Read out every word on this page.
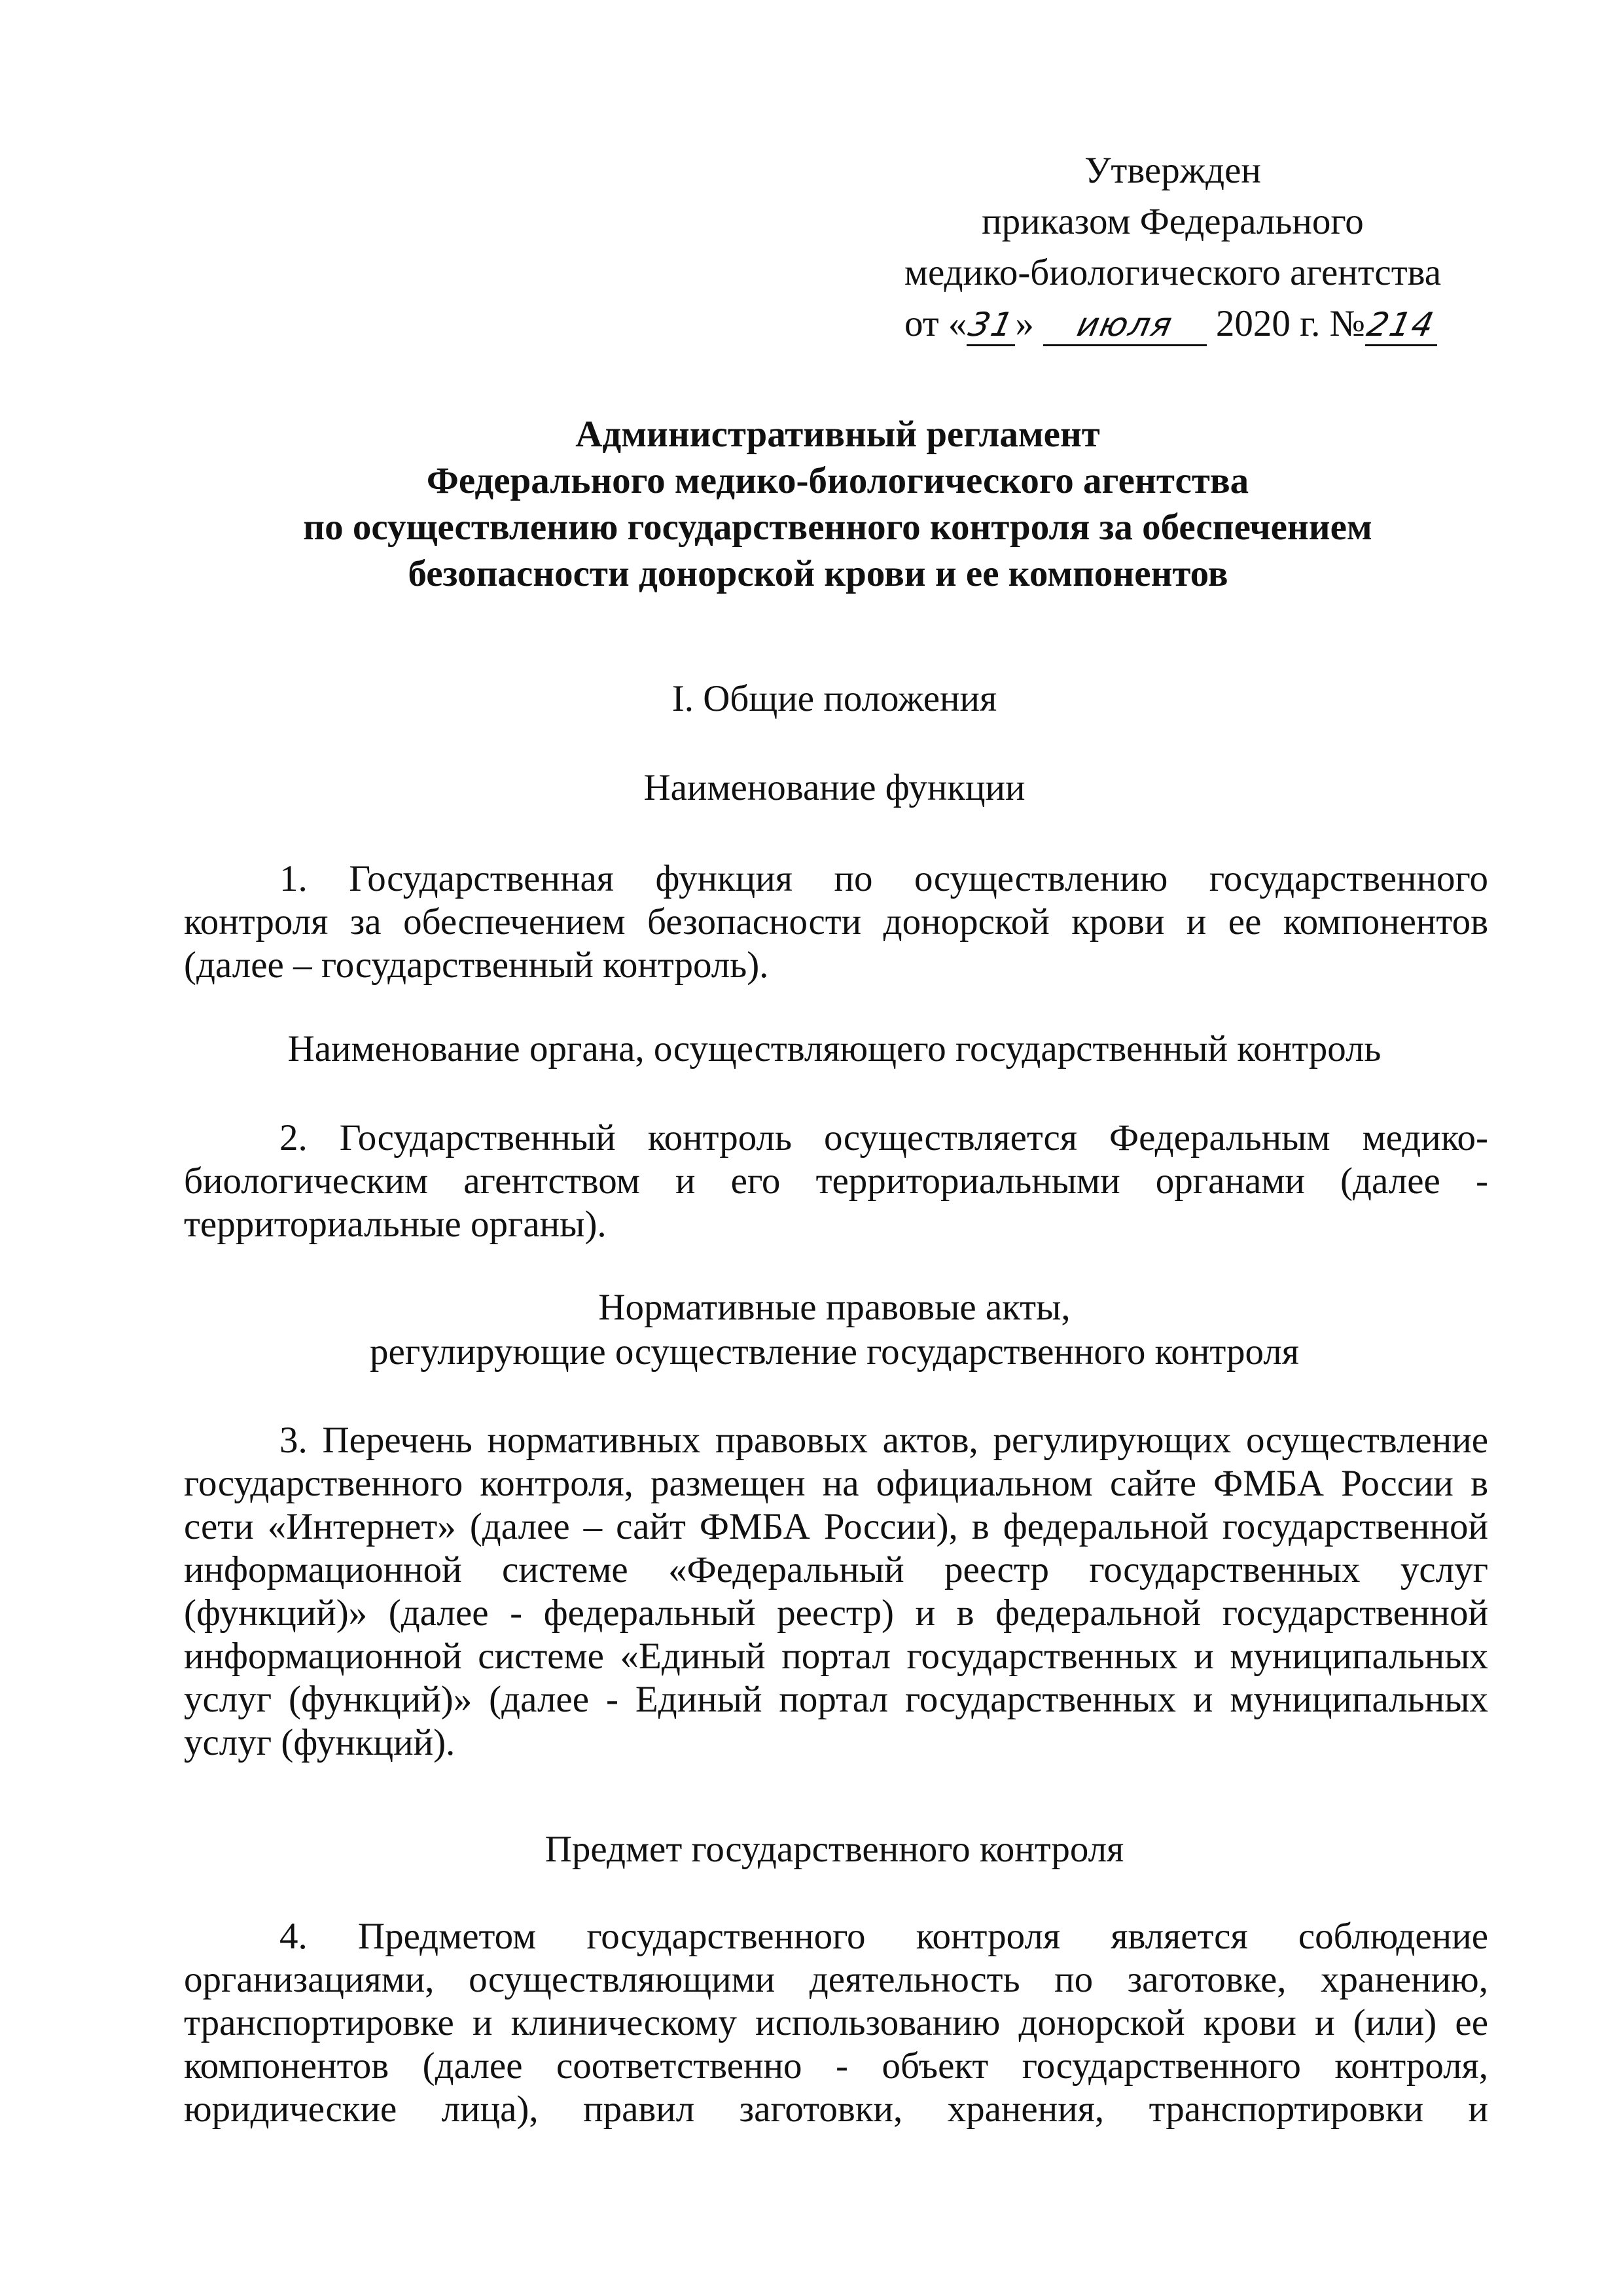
Утвержден
приказом Федерального
медико-биологического агентства
от «31» июля 2020 г. №214
Административный регламент
Федерального медико-биологического агентства
по осуществлению государственного контроля за обеспечением
безопасности донорской крови и ее компонентов
I. Общие положения
Наименование функции
1. Государственная функция по осуществлению государственного
контроля за обеспечением безопасности донорской крови и ее компонентов
(далее – государственный контроль).
Наименование органа, осуществляющего государственный контроль
2. Государственный контроль осуществляется Федеральным медико-
биологическим агентством и его территориальными органами (далее -
территориальные органы).
Нормативные правовые акты,
регулирующие осуществление государственного контроля
3. Перечень нормативных правовых актов, регулирующих осуществление
государственного контроля, размещен на официальном сайте ФМБА России в
сети «Интернет» (далее – сайт ФМБА России), в федеральной государственной
информационной системе «Федеральный реестр государственных услуг
(функций)» (далее - федеральный реестр) и в федеральной государственной
информационной системе «Единый портал государственных и муниципальных
услуг (функций)» (далее - Единый портал государственных и муниципальных
услуг (функций).
Предмет государственного контроля
4. Предметом государственного контроля является соблюдение
организациями, осуществляющими деятельность по заготовке, хранению,
транспортировке и клиническому использованию донорской крови и (или) ее
компонентов (далее соответственно - объект государственного контроля,
юридические лица), правил заготовки, хранения, транспортировки и
